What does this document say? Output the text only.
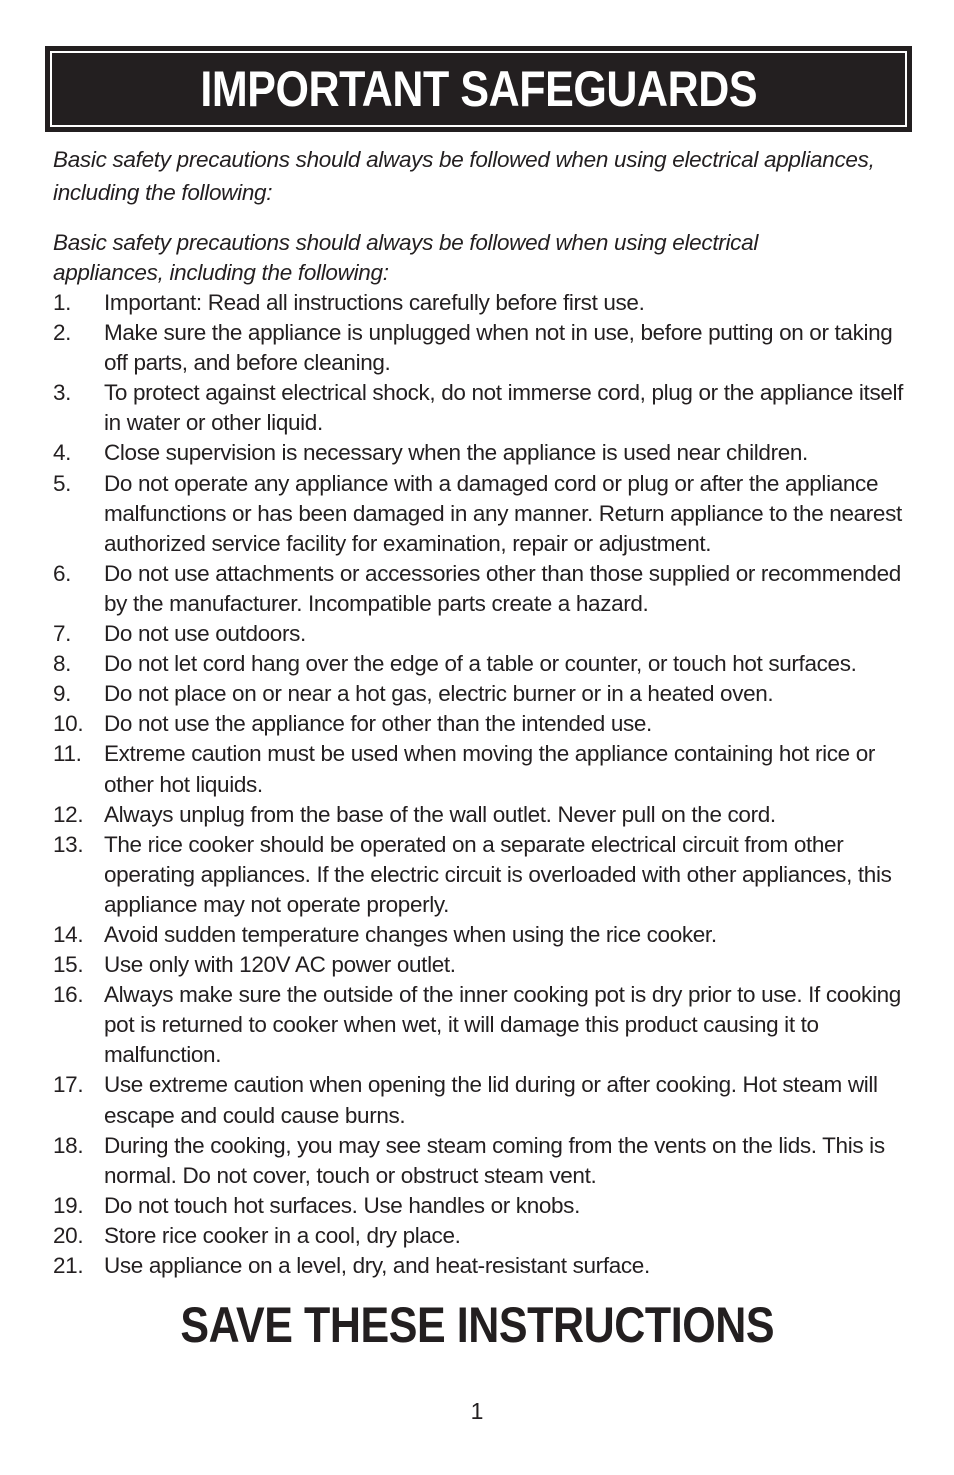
IMPORTANT SAFEGUARDS
Basic safety precautions should always be followed when using electrical appliances, including the following:
Basic safety precautions should always be followed when using electrical appliances, including the following:
1.	Important: Read all instructions carefully before first use.
2.	Make sure the appliance is unplugged when not in use, before putting on or taking off parts, and before cleaning.
3.	To protect against electrical shock, do not immerse cord, plug or the appliance itself in water or other liquid.
4.	Close supervision is necessary when the appliance is used near children.
5.	Do not operate any appliance with a damaged cord or plug or after the appliance malfunctions or has been damaged in any manner. Return appliance to the nearest authorized service facility for examination, repair or adjustment.
6.	Do not use attachments or accessories other than those supplied or recommended by the manufacturer. Incompatible parts create a hazard.
7.	Do not use outdoors.
8.	Do not let cord hang over the edge of a table or counter, or touch hot surfaces.
9.	Do not place on or near a hot gas, electric burner or in a heated oven.
10. Do not use the appliance for other than the intended use.
11. Extreme caution must be used when moving the appliance containing hot rice or other hot liquids.
12. Always unplug from the base of the wall outlet. Never pull on the cord.
13. The rice cooker should be operated on a separate electrical circuit from other operating appliances. If the electric circuit is overloaded with other appliances, this appliance may not operate properly.
14. Avoid sudden temperature changes when using the rice cooker.
15. Use only with 120V AC power outlet.
16. Always make sure the outside of the inner cooking pot is dry prior to use. If cooking pot is returned to cooker when wet, it will damage this product causing it to malfunction.
17. Use extreme caution when opening the lid during or after cooking. Hot steam will escape and could cause burns.
18. During the cooking, you may see steam coming from the vents on the lids. This is normal. Do not cover, touch or obstruct steam vent.
19. Do not touch hot surfaces. Use handles or knobs.
20. Store rice cooker in a cool, dry place.
21. Use appliance on a level, dry, and heat-resistant surface.
SAVE THESE INSTRUCTIONS
1
